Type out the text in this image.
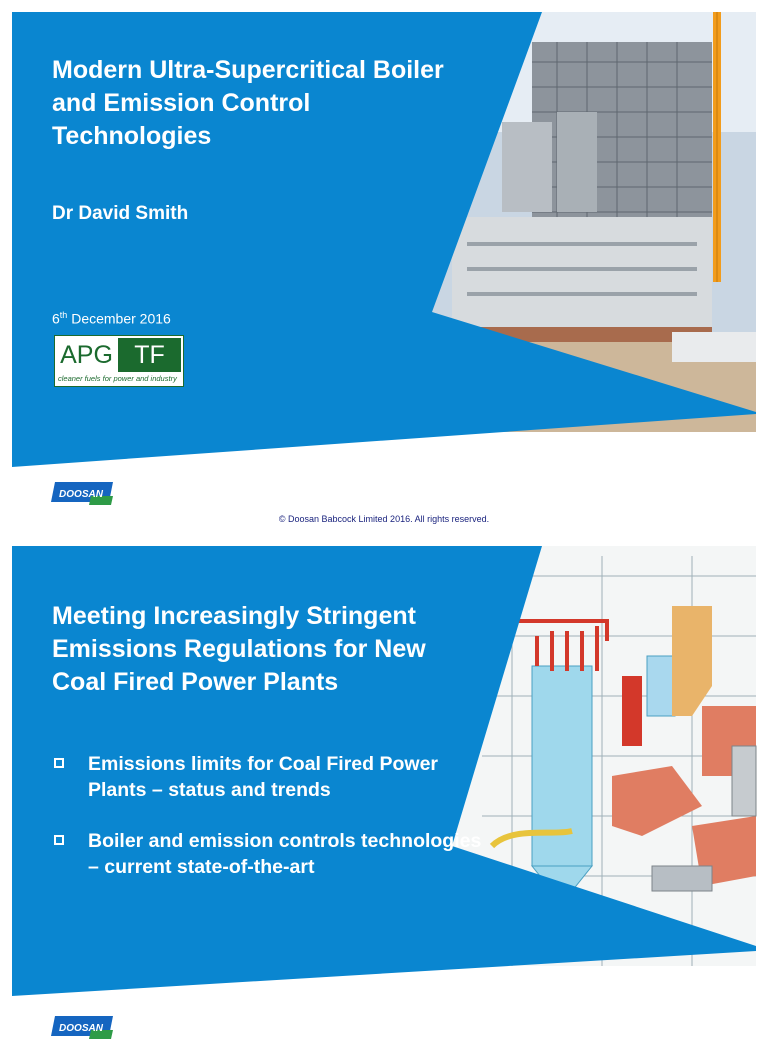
Modern Ultra-Supercritical Boiler and Emission Control Technologies
Dr David Smith
6th December 2016
APG TF
cleaner fuels for power and industry
DOOSAN
© Doosan Babcock Limited 2016. All rights reserved.
Meeting Increasingly Stringent Emissions Regulations for New Coal Fired Power Plants
Emissions limits for Coal Fired Power Plants – status and trends
Boiler and emission controls technologies – current state-of-the-art
DOOSAN
